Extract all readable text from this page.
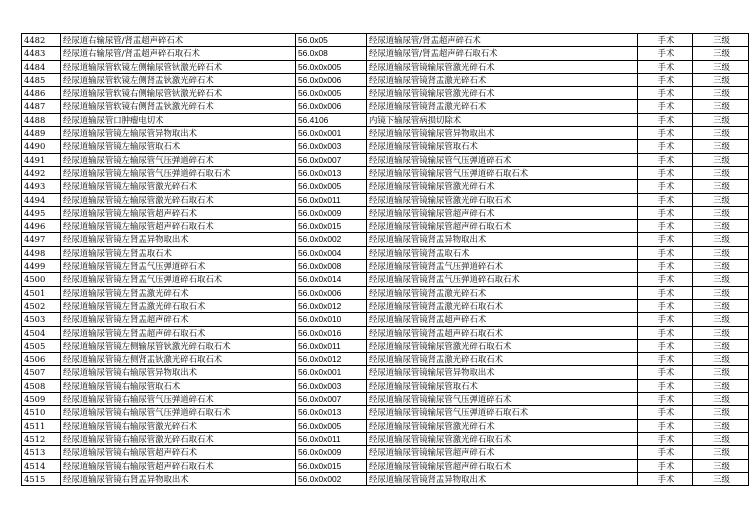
4482	经尿道右输尿管/肾盂超声碎石术	56.0x05	经尿道输尿管/肾盂超声碎石术	手术	三级
4483	经尿道右输尿管/肾盂超声碎石取石术	56.0x08	经尿道输尿管/肾盂超声碎石取石术	手术	三级
4484	经尿道输尿管软镜左侧输尿管钬激光碎石术	56.0x0x005	经尿道输尿管镜输尿管激光碎石术	手术	三级
4485	经尿道输尿管软镜左侧肾盂钬激光碎石术	56.0x0x006	经尿道输尿管镜肾盂激光碎石术	手术	三级
4486	经尿道输尿管软镜右侧输尿管钬激光碎石术	56.0x0x005	经尿道输尿管镜输尿管激光碎石术	手术	三级
4487	经尿道输尿管软镜右侧肾盂钬激光碎石术	56.0x0x006	经尿道输尿管镜肾盂激光碎石术	手术	三级
4488	经尿道输尿管口肿瘤电切术	56.4106	内镜下输尿管病损切除术	手术	三级
4489	经尿道输尿管镜左输尿管异物取出术	56.0x0x001	经尿道输尿管镜输尿管异物取出术	手术	三级
4490	经尿道输尿管镜左输尿管取石术	56.0x0x003	经尿道输尿管镜输尿管取石术	手术	三级
4491	经尿道输尿管镜左输尿管气压弹道碎石术	56.0x0x007	经尿道输尿管镜输尿管气压弹道碎石术	手术	三级
4492	经尿道输尿管镜左输尿管气压弹道碎石取石术	56.0x0x013	经尿道输尿管镜输尿管气压弹道碎石取石术	手术	三级
4493	经尿道输尿管镜左输尿管激光碎石术	56.0x0x005	经尿道输尿管镜输尿管激光碎石术	手术	三级
4494	经尿道输尿管镜左输尿管激光碎石取石术	56.0x0x011	经尿道输尿管镜输尿管激光碎石取石术	手术	三级
4495	经尿道输尿管镜左输尿管超声碎石术	56.0x0x009	经尿道输尿管镜输尿管超声碎石术	手术	三级
4496	经尿道输尿管镜左输尿管超声碎石取石术	56.0x0x015	经尿道输尿管镜输尿管超声碎石取石术	手术	三级
4497	经尿道输尿管镜左肾盂异物取出术	56.0x0x002	经尿道输尿管镜肾盂异物取出术	手术	三级
4498	经尿道输尿管镜左肾盂取石术	56.0x0x004	经尿道输尿管镜肾盂取石术	手术	三级
4499	经尿道输尿管镜左肾盂气压弹道碎石术	56.0x0x008	经尿道输尿管镜肾盂气压弹道碎石术	手术	三级
4500	经尿道输尿管镜左肾盂气压弹道碎石取石术	56.0x0x014	经尿道输尿管镜肾盂气压弹道碎石取石术	手术	三级
4501	经尿道输尿管镜左肾盂激光碎石术	56.0x0x006	经尿道输尿管镜肾盂激光碎石术	手术	三级
4502	经尿道输尿管镜左肾盂激光碎石取石术	56.0x0x012	经尿道输尿管镜肾盂激光碎石取石术	手术	三级
4503	经尿道输尿管镜左肾盂超声碎石术	56.0x0x010	经尿道输尿管镜肾盂超声碎石术	手术	三级
4504	经尿道输尿管镜左肾盂超声碎石取石术	56.0x0x016	经尿道输尿管镜肾盂超声碎石取石术	手术	三级
4505	经尿道输尿管镜左侧输尿管钬激光碎石取石术	56.0x0x011	经尿道输尿管镜输尿管激光碎石取石术	手术	三级
4506	经尿道输尿管镜左侧肾盂钬激光碎石取石术	56.0x0x012	经尿道输尿管镜肾盂激光碎石取石术	手术	三级
4507	经尿道输尿管镜右输尿管异物取出术	56.0x0x001	经尿道输尿管镜输尿管异物取出术	手术	三级
4508	经尿道输尿管镜右输尿管取石术	56.0x0x003	经尿道输尿管镜输尿管取石术	手术	三级
4509	经尿道输尿管镜右输尿管气压弹道碎石术	56.0x0x007	经尿道输尿管镜输尿管气压弹道碎石术	手术	三级
4510	经尿道输尿管镜右输尿管气压弹道碎石取石术	56.0x0x013	经尿道输尿管镜输尿管气压弹道碎石取石术	手术	三级
4511	经尿道输尿管镜右输尿管激光碎石术	56.0x0x005	经尿道输尿管镜输尿管激光碎石术	手术	三级
4512	经尿道输尿管镜右输尿管激光碎石取石术	56.0x0x011	经尿道输尿管镜输尿管激光碎石取石术	手术	三级
4513	经尿道输尿管镜右输尿管超声碎石术	56.0x0x009	经尿道输尿管镜输尿管超声碎石术	手术	三级
4514	经尿道输尿管镜右输尿管超声碎石取石术	56.0x0x015	经尿道输尿管镜输尿管超声碎石取石术	手术	三级
4515	经尿道输尿管镜右肾盂异物取出术	56.0x0x002	经尿道输尿管镜肾盂异物取出术	手术	三级
